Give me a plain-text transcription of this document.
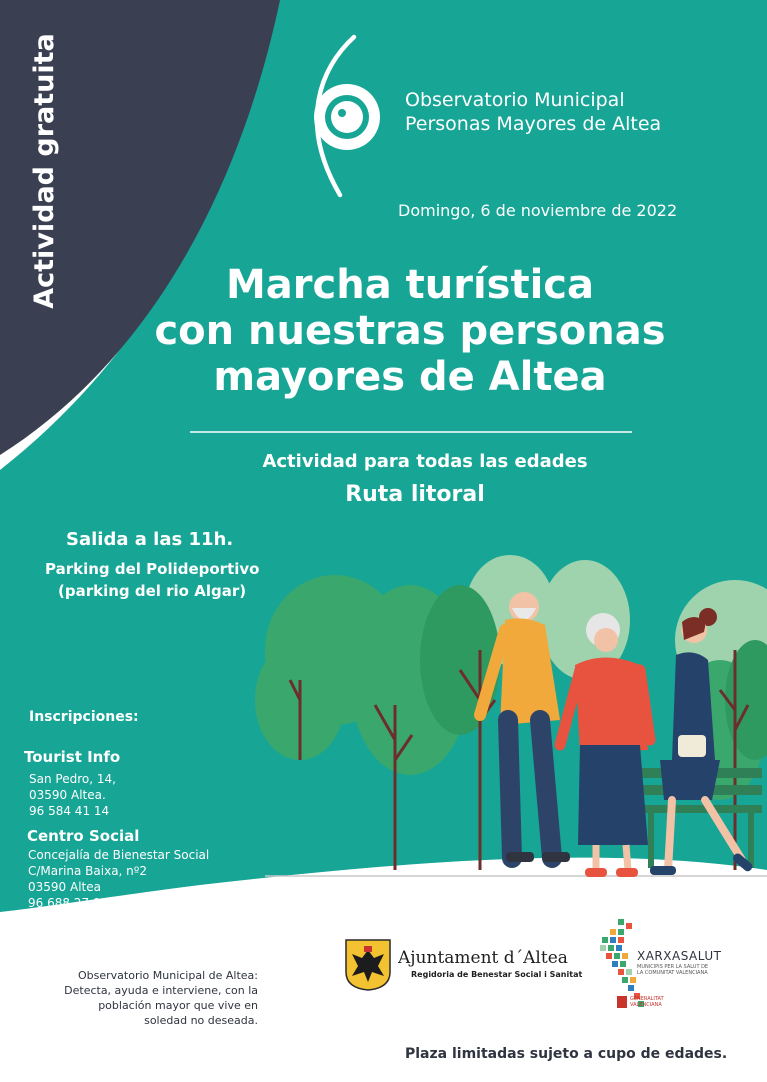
Actividad gratuita	Observatorio Municipal
Personas Mayores de Altea
Domingo, 6 de noviembre de 2022
Marcha turística
con nuestras personas
mayores de Altea
Actividad para todas las edades
Ruta litoral
Salida a las 11h.
Parking del Polideportivo
(parking del rio Algar)
Inscripciones:
Tourist Info
San Pedro, 14,
03590 Altea.
96 584 41 14
Centro Social
Concejalía de Bienestar Social
C/Marina Baixa, nº2
03590 Altea
96 688 27 02
Observatorio Municipal de Altea:
Detecta, ayuda e interviene, con la
población mayor que vive en
soledad no deseada.
Ajuntament d´Altea
Regidoria de Benestar Social i Sanitat
XARXASALUT
MUNICIPIS PER LA SALUT DE
LA COMUNITAT VALENCIANA
GENERALITAT
VALENCIANA
Plaza limitadas sujeto a cupo de edades.
